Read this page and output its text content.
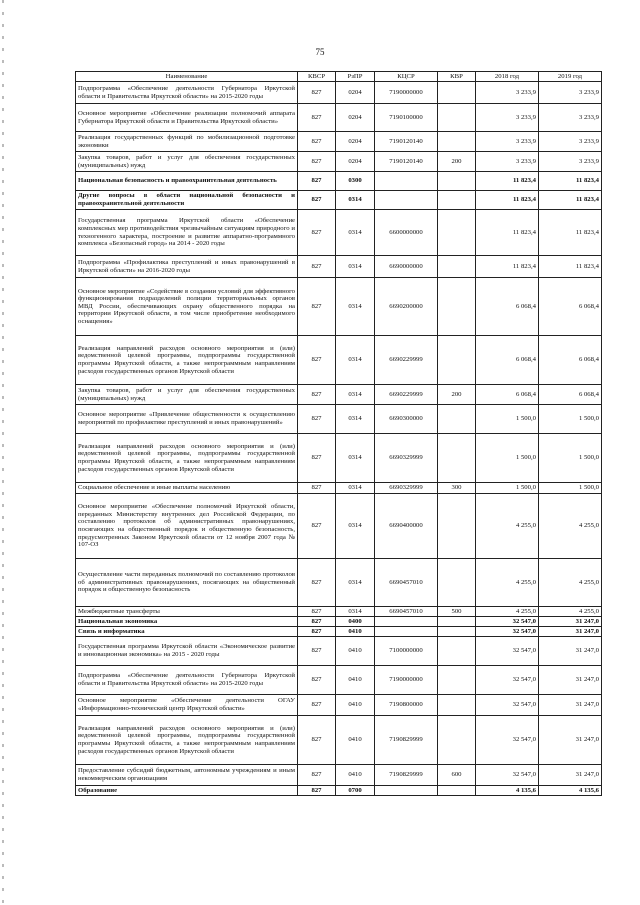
75
Наименование	КВСР	РзПР	КЦСР	КВР	2018 год	2019 год
Подпрограмма «Обеспечение деятельности Губернатора Иркутской области и Правительства Иркутской области» на 2015-2020 годы	827	0204	7190000000		3 233,9	3 233,9
Основное мероприятие «Обеспечение реализации полномочий аппарата Губернатора Иркутской области и Правительства Иркутской области»	827	0204	7190100000		3 233,9	3 233,9
Реализация государственных функций по мобилизационной подготовке экономики	827	0204	7190120140		3 233,9	3 233,9
Закупка товаров, работ и услуг для обеспечения государственных (муниципальных) нужд	827	0204	7190120140	200	3 233,9	3 233,9
Национальная безопасность и правоохранительная деятельность	827	0300			11 823,4	11 823,4
Другие вопросы в области национальной безопасности и правоохранительной деятельности	827	0314			11 823,4	11 823,4
Государственная программа Иркутской области «Обеспечение комплексных мер противодействия чрезвычайным ситуациям природного и техногенного характера, построение и развитие аппаратно-программного комплекса «Безопасный город» на 2014 - 2020 годы	827	0314	6600000000		11 823,4	11 823,4
Подпрограмма «Профилактика преступлений и иных правонарушений в Иркутской области» на 2016-2020 годы	827	0314	6690000000		11 823,4	11 823,4
Основное мероприятие «Содействие в создании условий для эффективного функционирования подразделений полиции территориальных органов МВД России, обеспечивающих охрану общественного порядка на территории Иркутской области, в том числе приобретение необходимого оснащения»	827	0314	6690200000		6 068,4	6 068,4
Реализация направлений расходов основного мероприятия и (или) ведомственной целевой программы, подпрограммы государственной программы Иркутской области, а также непрограммным направлениям расходов государственных органов Иркутской области	827	0314	6690229999		6 068,4	6 068,4
Закупка товаров, работ и услуг для обеспечения государственных (муниципальных) нужд	827	0314	6690229999	200	6 068,4	6 068,4
Основное мероприятие «Привлечение общественности к осуществлению мероприятий по профилактике преступлений и иных правонарушений»	827	0314	6690300000		1 500,0	1 500,0
Реализация направлений расходов основного мероприятия и (или) ведомственной целевой программы, подпрограммы государственной программы Иркутской области, а также непрограммным направлениям расходов государственных органов Иркутской области	827	0314	6690329999		1 500,0	1 500,0
Социальное обеспечение и иные выплаты населению	827	0314	6690329999	300	1 500,0	1 500,0
Основное мероприятие «Обеспечение полномочий Иркутской области, переданных Министерству внутренних дел Российской Федерации, по составлению протоколов об административных правонарушениях, посягающих на общественный порядок и общественную безопасность, предусмотренных Законом Иркутской области от 12 ноября 2007 года № 107-ОЗ	827	0314	6690400000		4 255,0	4 255,0
Осуществление части переданных полномочий по составлению протоколов об административных правонарушениях, посягающих на общественный порядок и общественную безопасность	827	0314	6690457010		4 255,0	4 255,0
Межбюджетные трансферты	827	0314	6690457010	500	4 255,0	4 255,0
Национальная экономика	827	0400			32 547,0	31 247,0
Связь и информатика	827	0410			32 547,0	31 247,0
Государственная программа Иркутской области «Экономическое развитие и инновационная экономика» на 2015 - 2020 годы	827	0410	7100000000		32 547,0	31 247,0
Подпрограмма «Обеспечение деятельности Губернатора Иркутской области и Правительства Иркутской области» на 2015-2020 годы	827	0410	7190000000		32 547,0	31 247,0
Основное мероприятие «Обеспечение деятельности ОГАУ «Информационно-технический центр Иркутской области»	827	0410	7190800000		32 547,0	31 247,0
Реализация направлений расходов основного мероприятия и (или) ведомственной целевой программы, подпрограммы государственной программы Иркутской области, а также непрограммным направлениям расходов государственных органов Иркутской области	827	0410	7190829999		32 547,0	31 247,0
Предоставление субсидий бюджетным, автономным учреждениям и иным некоммерческим организациям	827	0410	7190829999	600	32 547,0	31 247,0
Образование	827	0700			4 135,6	4 135,6
